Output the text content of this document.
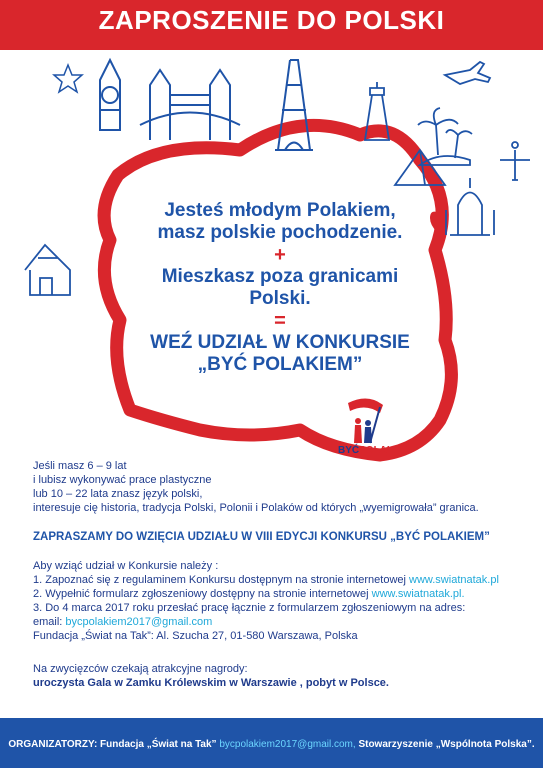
ZAPROSZENIE DO POLSKI
Jesteś młodym Polakiem,
masz polskie pochodzenie.
+
Mieszkasz poza granicami
Polski.
=
WEŹ UDZIAŁ W KONKURSIE
„BYĆ POLAKIEM”
BYĆPOLAKIEM
Jeśli masz 6 – 9 lat
i lubisz wykonywać prace plastyczne
lub 10 – 22 lata znasz język polski,
interesuje cię historia, tradycja Polski, Polonii i Polaków od których „wyemigrowała” granica.
ZAPRASZAMY DO WZIĘCIA UDZIAŁU W VIII EDYCJI KONKURSU „BYĆ POLAKIEM”
Aby wziąć udział w Konkursie należy :
1. Zapoznać się z regulaminem Konkursu dostępnym na stronie internetowej www.swiatnatak.pl
2. Wypełnić formularz zgłoszeniowy dostępny na stronie internetowej www.swiatnatak.pl.
3. Do 4 marca 2017 roku przesłać pracę łącznie z formularzem zgłoszeniowym na adres:
email: bycpolakiem2017@gmail.com
Fundacja „Świat na Tak”: Al. Szucha 27, 01-580 Warszawa, Polska
Na zwycięzców czekają atrakcyjne nagrody:
uroczysta Gala w Zamku Królewskim w Warszawie , pobyt w Polsce.
ORGANIZATORZY: Fundacja „Świat na Tak” bycpolakiem2017@gmail.com, Stowarzyszenie „Wspólnota Polska”.
